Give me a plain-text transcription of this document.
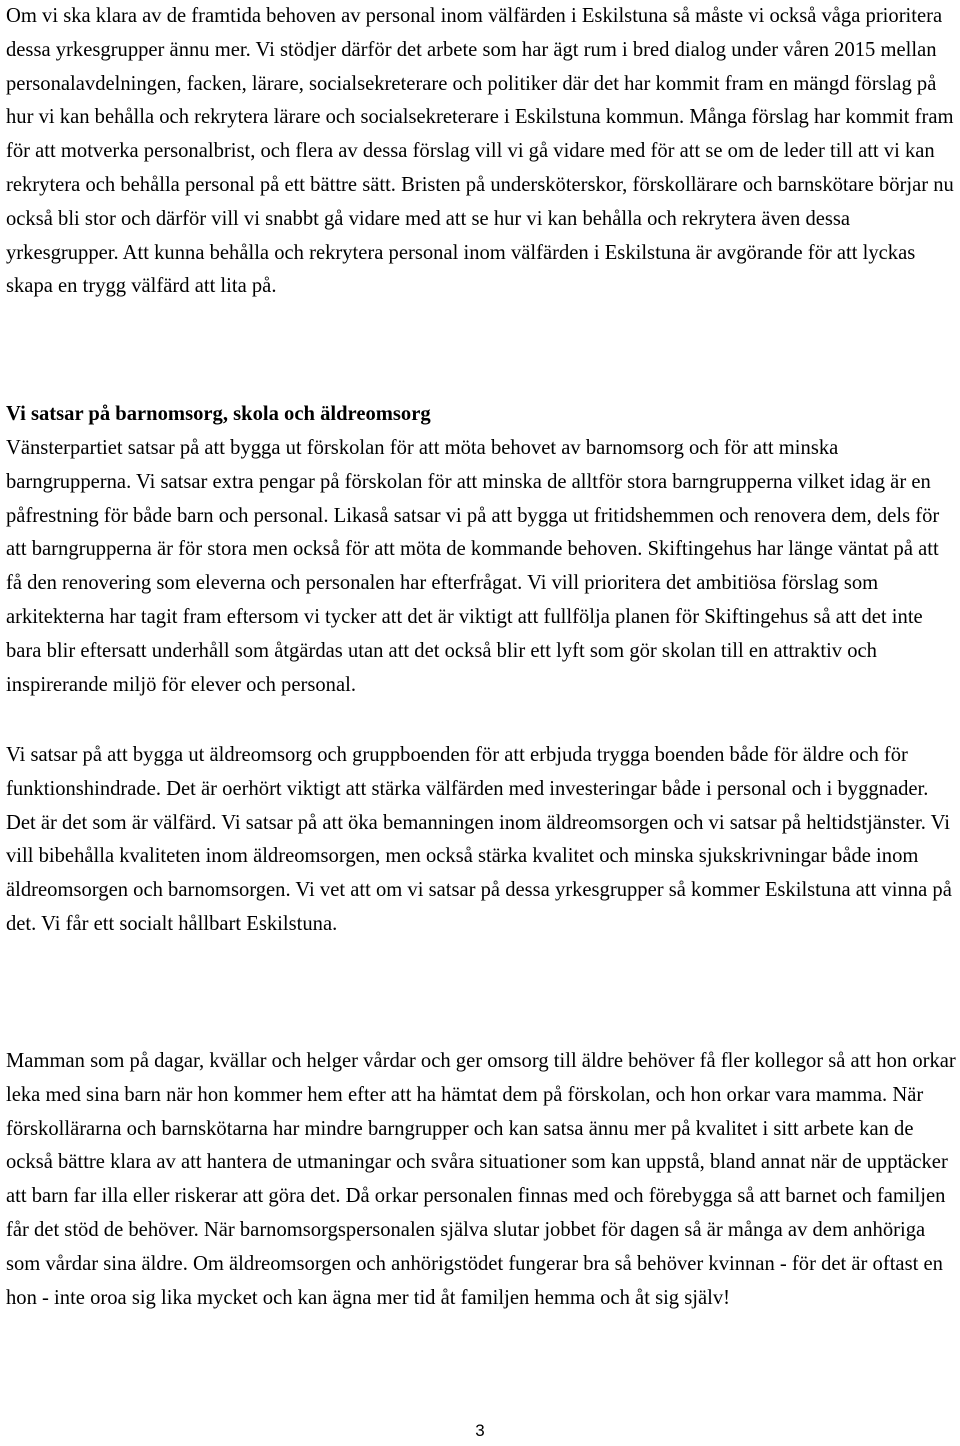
Om vi ska klara av de framtida behoven av personal inom välfärden i Eskilstuna så måste vi också våga prioritera dessa yrkesgrupper ännu mer. Vi stödjer därför det arbete som har ägt rum i bred dialog under våren 2015 mellan personalavdelningen, facken, lärare, socialsekreterare och politiker där det har kommit fram en mängd förslag på hur vi kan behålla och rekrytera lärare och socialsekreterare i Eskilstuna kommun. Många förslag har kommit fram för att motverka personalbrist, och flera av dessa förslag vill vi gå vidare med för att se om de leder till att vi kan rekrytera och behålla personal på ett bättre sätt. Bristen på undersköterskor, förskollärare och barnskötare börjar nu också bli stor och därför vill vi snabbt gå vidare med att se hur vi kan behålla och rekrytera även dessa yrkesgrupper. Att kunna behålla och rekrytera personal inom välfärden i Eskilstuna är avgörande för att lyckas skapa en trygg välfärd att lita på.

Vi satsar på barnomsorg, skola och äldreomsorg

Vänsterpartiet satsar på att bygga ut förskolan för att möta behovet av barnomsorg och för att minska barngrupperna. Vi satsar extra pengar på förskolan för att minska de alltför stora barngrupperna vilket idag är en påfrestning för både barn och personal. Likaså satsar vi på att bygga ut fritidshemmen och renovera dem, dels för att barngrupperna är för stora men också för att möta de kommande behoven. Skiftingehus har länge väntat på att få den renovering som eleverna och personalen har efterfrågat. Vi vill prioritera det ambitiösa förslag som arkitekterna har tagit fram eftersom vi tycker att det är viktigt att fullfölja planen för Skiftingehus så att det inte bara blir eftersatt underhåll som åtgärdas utan att det också blir ett lyft som gör skolan till en attraktiv och inspirerande miljö för elever och personal.

Vi satsar på att bygga ut äldreomsorg och gruppboenden för att erbjuda trygga boenden både för äldre och för funktionshindrade. Det är oerhört viktigt att stärka välfärden med investeringar både i personal och i byggnader. Det är det som är välfärd. Vi satsar på att öka bemanningen inom äldreomsorgen och vi satsar på heltidstjänster. Vi vill bibehålla kvaliteten inom äldreomsorgen, men också stärka kvalitet och minska sjukskrivningar både inom äldreomsorgen och barnomsorgen. Vi vet att om vi satsar på dessa yrkesgrupper så kommer Eskilstuna att vinna på det. Vi får ett socialt hållbart Eskilstuna.

Mamman som på dagar, kvällar och helger vårdar och ger omsorg till äldre behöver få fler kollegor så att hon orkar leka med sina barn när hon kommer hem efter att ha hämtat dem på förskolan, och hon orkar vara mamma. När förskollärarna och barnskötarna har mindre barngrupper och kan satsa ännu mer på kvalitet i sitt arbete kan de också bättre klara av att hantera de utmaningar och svåra situationer som kan uppstå, bland annat när de upptäcker att barn far illa eller riskerar att göra det. Då orkar personalen finnas med och förebygga så att barnet och familjen får det stöd de behöver. När barnomsorgspersonalen själva slutar jobbet för dagen så är många av dem anhöriga som vårdar sina äldre. Om äldreomsorgen och anhörigstödet fungerar bra så behöver kvinnan - för det är oftast en hon - inte oroa sig lika mycket och kan ägna mer tid åt familjen hemma och åt sig själv!

3
